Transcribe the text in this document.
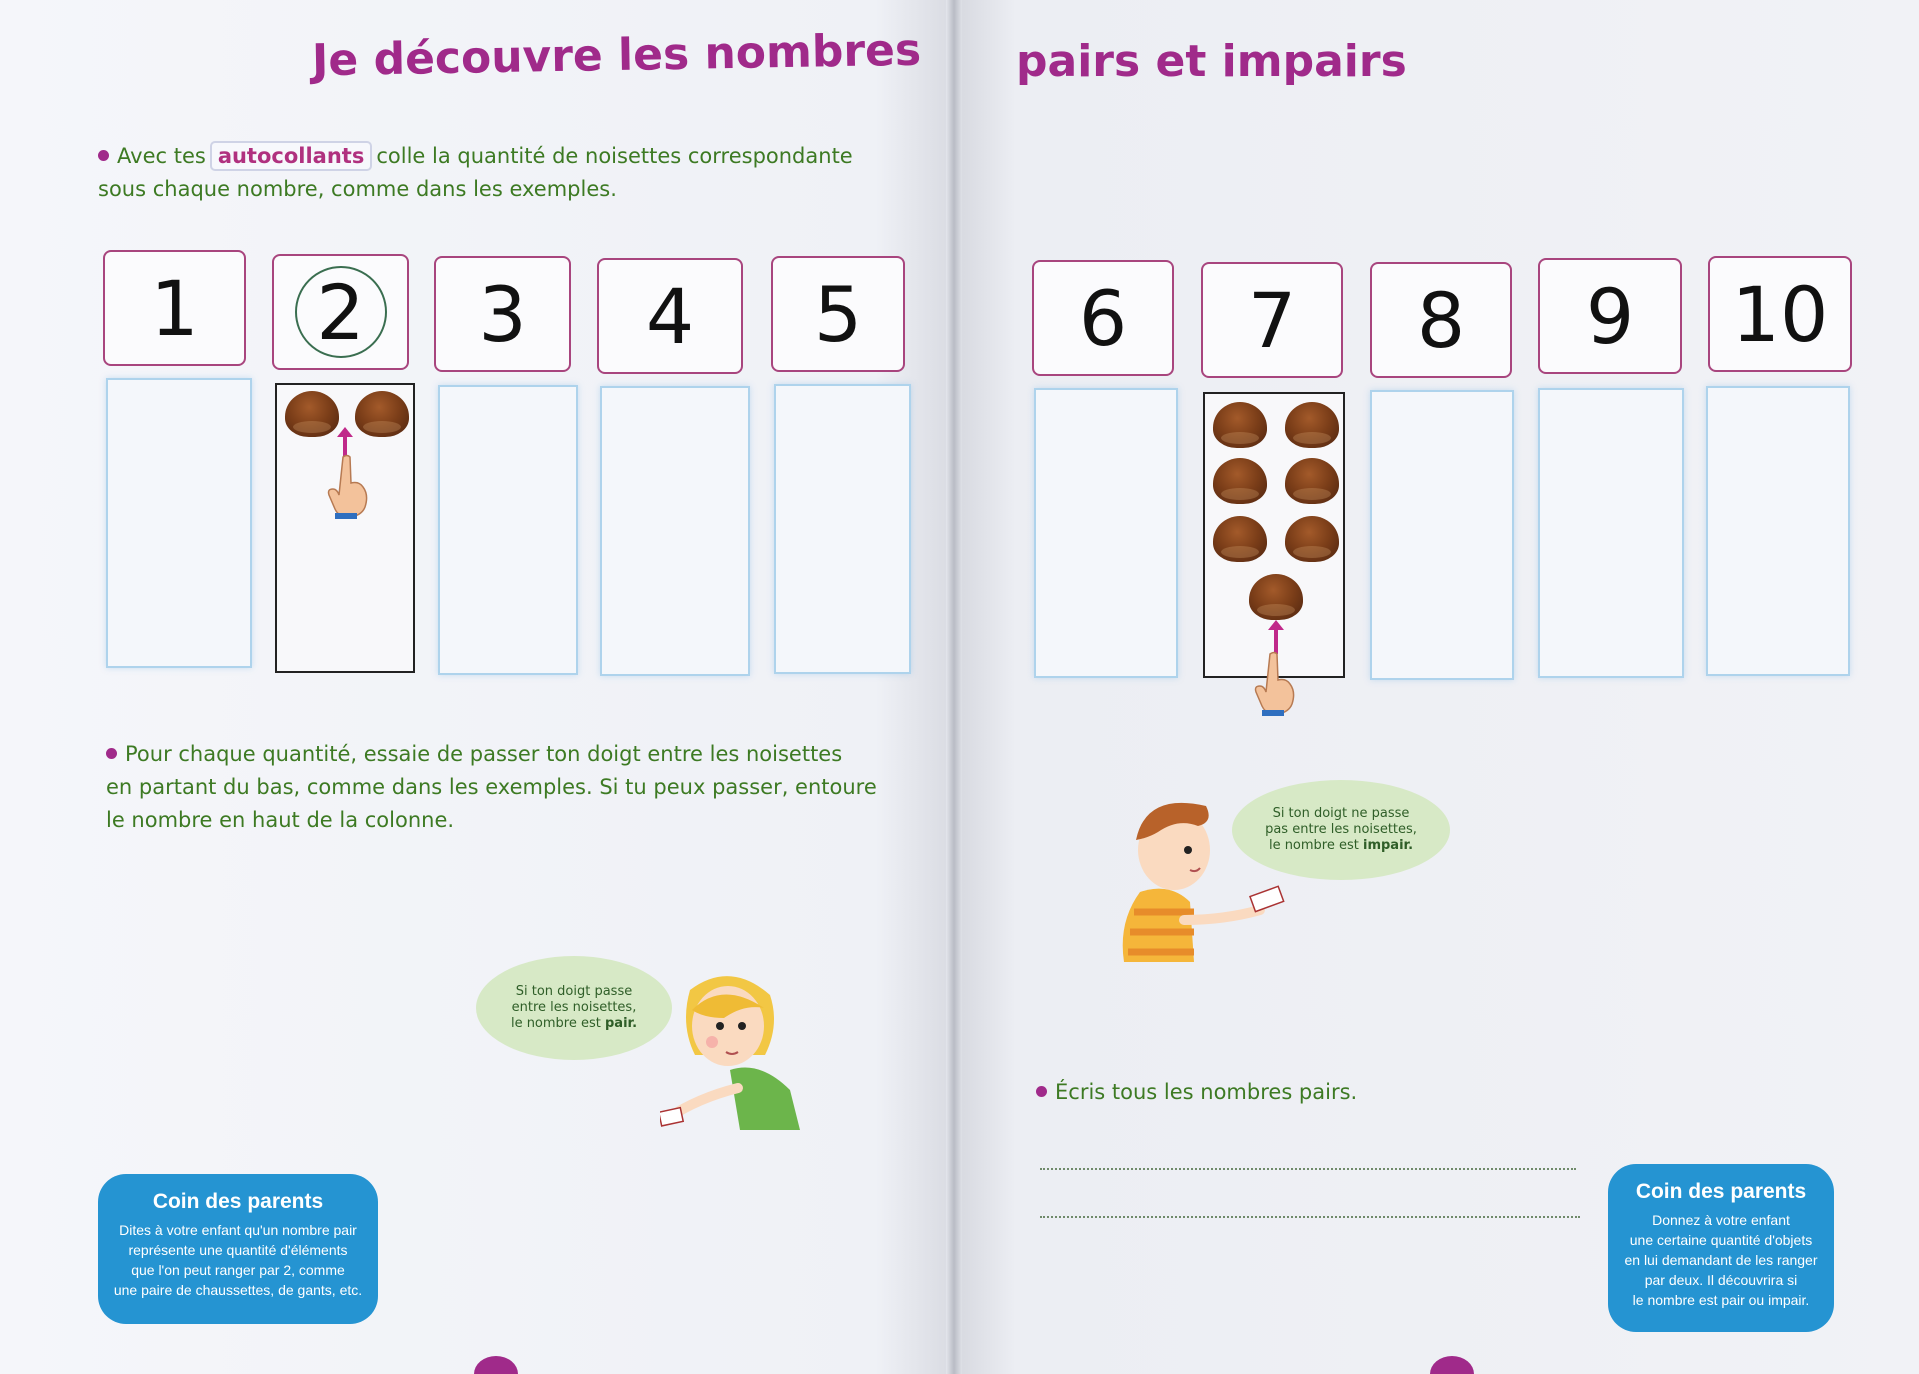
Je découvre les nombres
Avec tes autocollants colle la quantité de noisettes correspondante
sous chaque nombre, comme dans les exemples.
1 2 3 4 5
Pour chaque quantité, essaie de passer ton doigt entre les noisettes
en partant du bas, comme dans les exemples. Si tu peux passer, entoure
le nombre en haut de la colonne.
Si ton doigt passe
entre les noisettes,
le nombre est pair.
Coin des parents
Dites à votre enfant qu'un nombre pair
représente une quantité d'éléments
que l'on peut ranger par 2, comme
une paire de chaussettes, de gants, etc.
pairs et impairs
6 7 8 9 10
Si ton doigt ne passe
pas entre les noisettes,
le nombre est impair.
Écris tous les nombres pairs.
Coin des parents
Donnez à votre enfant
une certaine quantité d'objets
en lui demandant de les ranger
par deux. Il découvrira si
le nombre est pair ou impair.
